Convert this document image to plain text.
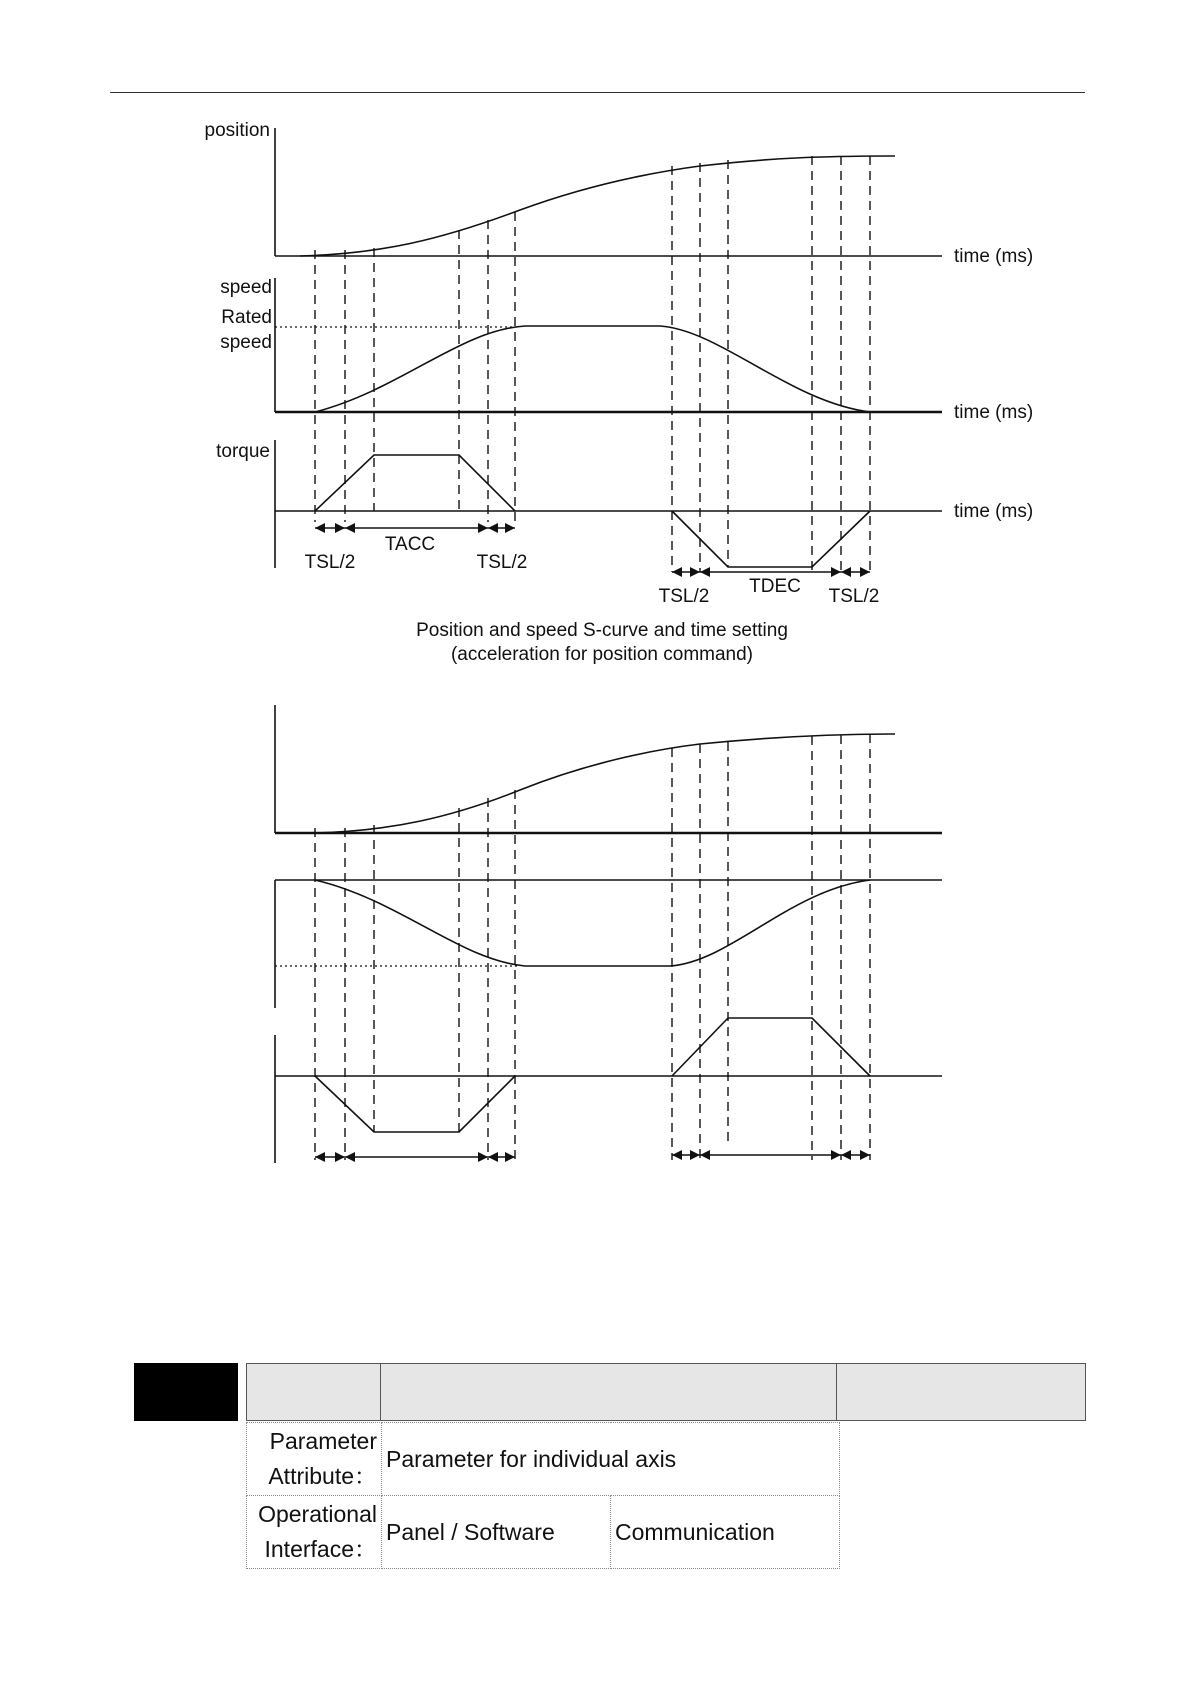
position
speed
Rated
speed
torque
time (ms)
time (ms)
time (ms)
TSL/2
TACC
TSL/2
TSL/2 TDEC TSL/2
Position and speed S-curve and time setting
(acceleration for position command)
Parameter Attribute：	Parameter for individual axis	
Operational Interface：	Panel / Software	Communication
